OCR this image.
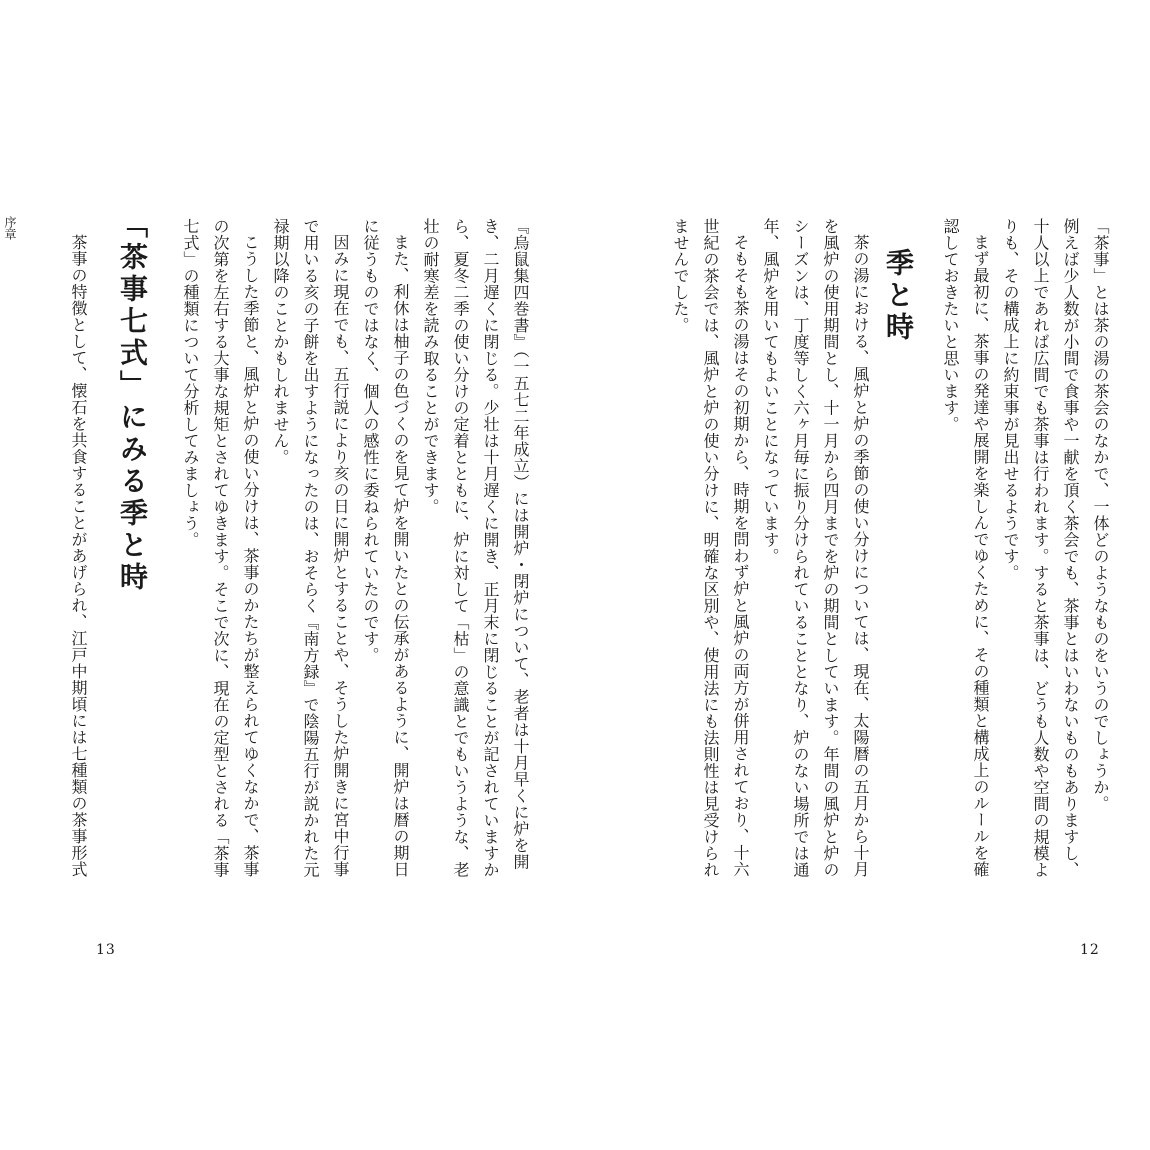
「茶事」とは茶の湯の茶会のなかで、一体どのようなものをいうのでしょうか。
例えば少人数が小間で食事や一献を頂く茶会でも、茶事とはいわないものもありますし、
十人以上であれば広間でも茶事は行われます。すると茶事は、どうも人数や空間の規模よ
りも、その構成上に約束事が見出せるようです。
まず最初に、茶事の発達や展開を楽しんでゆくために、その種類と構成上のルールを確
認しておきたいと思います。
季と時
茶の湯における、風炉と炉の季節の使い分けについては、現在、太陽暦の五月から十月
を風炉の使用期間とし、十一月から四月までを炉の期間としています。年間の風炉と炉の
シーズンは、丁度等しく六ヶ月毎に振り分けられていることとなり、炉のない場所では通
年、風炉を用いてもよいことになっています。
そもそも茶の湯はその初期から、時期を問わず炉と風炉の両方が併用されており、十六
世紀の茶会では、風炉と炉の使い分けに、明確な区別や、使用法にも法則性は見受けられ
ませんでした。
12
『烏鼠集四巻書』（一五七二年成立）には開炉・閉炉について、老者は十月早くに炉を開
き、二月遅くに閉じる。少壮は十月遅くに開き、正月末に閉じることが記されていますか
ら、夏冬二季の使い分けの定着とともに、炉に対して「枯」の意識とでもいうような、老
壮の耐寒差を読み取ることができます。
また、利休は柚子の色づくのを見て炉を開いたとの伝承があるように、開炉は暦の期日
に従うものではなく、個人の感性に委ねられていたのです。
因みに現在でも、五行説により亥の日に開炉とすることや、そうした炉開きに宮中行事
で用いる亥の子餅を出すようになったのは、おそらく『南方録』で陰陽五行が説かれた元
禄期以降のことかもしれません。
こうした季節と、風炉と炉の使い分けは、茶事のかたちが整えられてゆくなかで、茶事
の次第を左右する大事な規矩とされてゆきます。そこで次に、現在の定型とされる「茶事
七式」の種類について分析してみましょう。
「茶事七式」にみる季と時
茶事の特徴として、懐石を共食することがあげられ、江戸中期頃には七種類の茶事形式
13
序章
